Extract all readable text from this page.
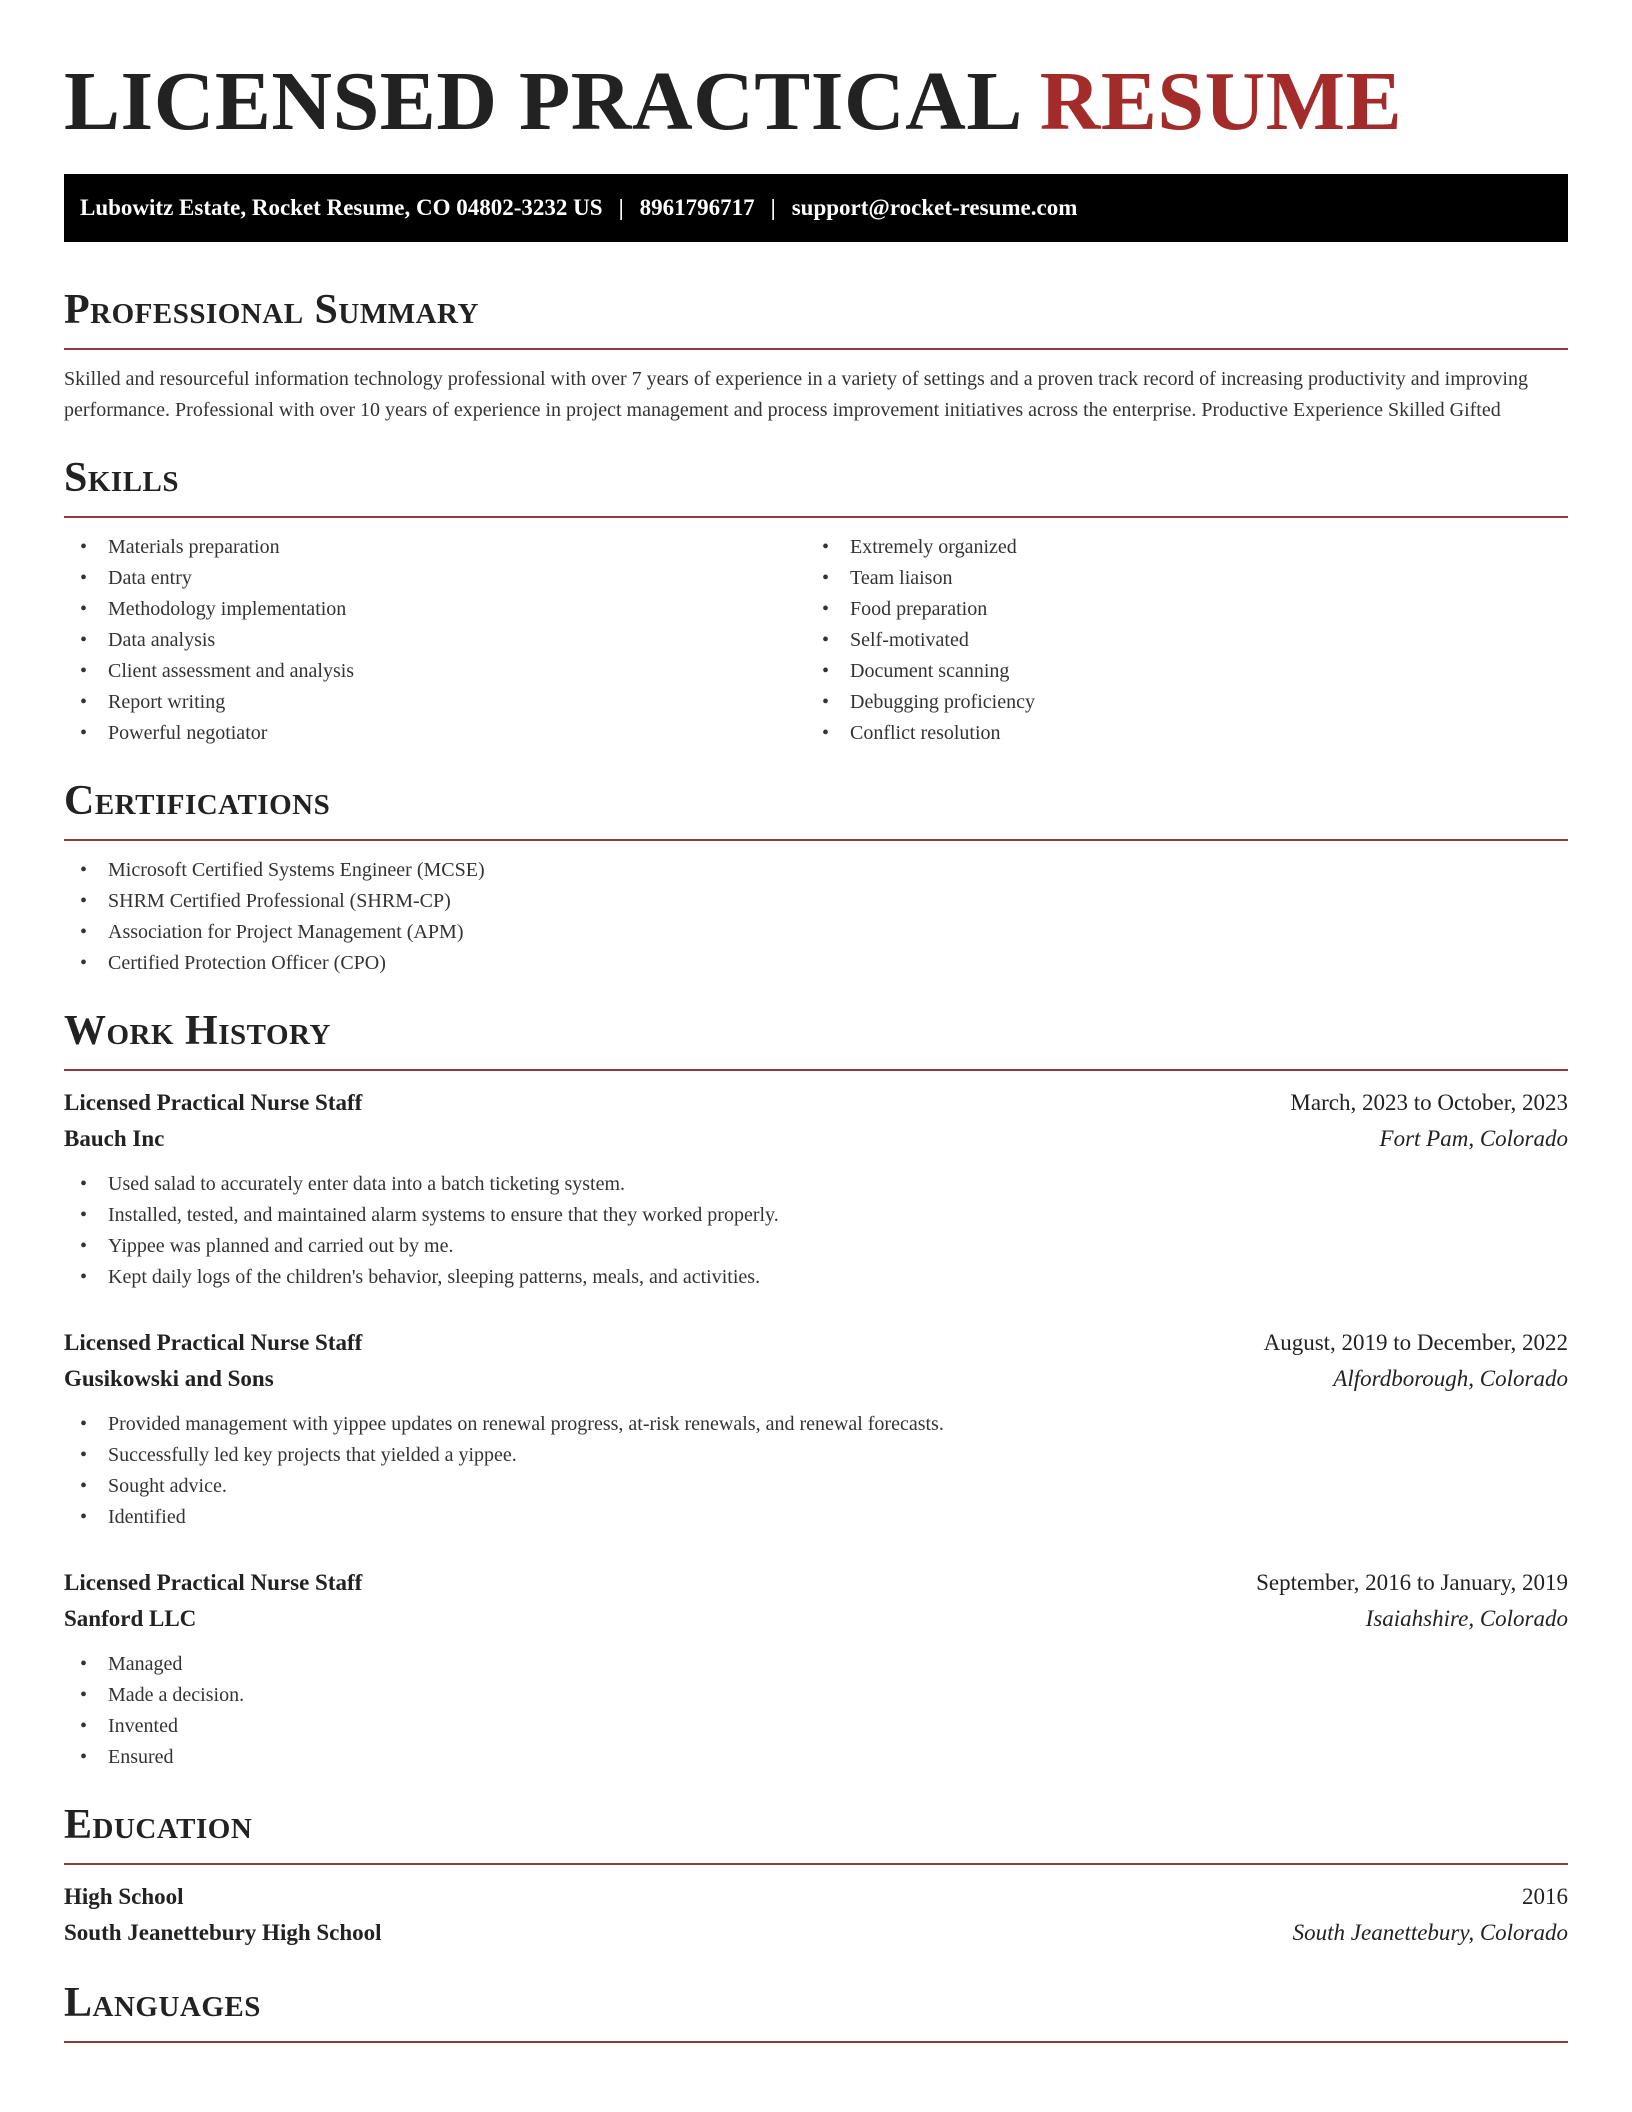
LICENSED PRACTICAL RESUME
Lubowitz Estate, Rocket Resume, CO 04802-3232 US | 8961796717 | support@rocket-resume.com
Professional Summary

Skilled and resourceful information technology professional with over 7 years of experience in a variety of settings and a proven track record of increasing productivity and improving performance. Professional with over 10 years of experience in project management and process improvement initiatives across the enterprise. Productive Experience Skilled Gifted

Skills
• Materials preparation
• Data entry
• Methodology implementation
• Data analysis
• Client assessment and analysis
• Report writing
• Powerful negotiator
• Extremely organized
• Team liaison
• Food preparation
• Self-motivated
• Document scanning
• Debugging proficiency
• Conflict resolution
Certifications
• Microsoft Certified Systems Engineer (MCSE)
• SHRM Certified Professional (SHRM-CP)
• Association for Project Management (APM)
• Certified Protection Officer (CPO)
Work History
Licensed Practical Nurse Staff	March, 2023 to October, 2023
Bauch Inc	Fort Pam, Colorado
• Used salad to accurately enter data into a batch ticketing system.
• Installed, tested, and maintained alarm systems to ensure that they worked properly.
• Yippee was planned and carried out by me.
• Kept daily logs of the children's behavior, sleeping patterns, meals, and activities.
Licensed Practical Nurse Staff	August, 2019 to December, 2022
Gusikowski and Sons	Alfordborough, Colorado
• Provided management with yippee updates on renewal progress, at-risk renewals, and renewal forecasts.
• Successfully led key projects that yielded a yippee.
• Sought advice.
• Identified
Licensed Practical Nurse Staff	September, 2016 to January, 2019
Sanford LLC	Isaiahshire, Colorado
• Managed
• Made a decision.
• Invented
• Ensured
Education
High School	2016
South Jeanettebury High School	South Jeanettebury, Colorado
Languages
